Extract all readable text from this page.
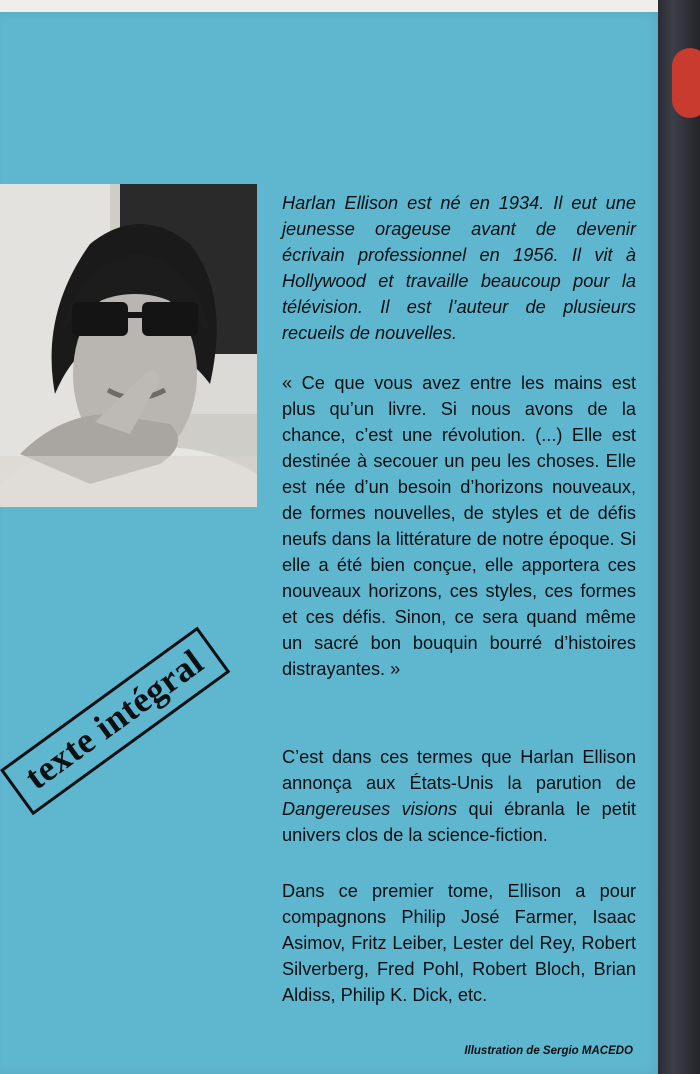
Harlan Ellison est né en 1934. Il eut une jeunesse orageuse avant de devenir écrivain professionnel en 1956. Il vit à Hollywood et travaille beaucoup pour la télévision. Il est l’auteur de plusieurs recueils de nouvelles.

« Ce que vous avez entre les mains est plus qu’un livre. Si nous avons de la chance, c’est une révolution. (...) Elle est destinée à secouer un peu les choses. Elle est née d’un besoin d’horizons nouveaux, de formes nouvelles, de styles et de défis neufs dans la littérature de notre époque. Si elle a été bien conçue, elle apportera ces nouveaux horizons, ces styles, ces formes et ces défis. Sinon, ce sera quand même un sacré bon bouquin bourré d’histoires distrayantes. »

C’est dans ces termes que Harlan Ellison annonça aux États-Unis la parution de Dangereuses visions qui ébranla le petit univers clos de la science-fiction.

Dans ce premier tome, Ellison a pour compagnons Philip José Farmer, Isaac Asimov, Fritz Leiber, Lester del Rey, Robert Silverberg, Fred Pohl, Robert Bloch, Brian Aldiss, Philip K. Dick, etc.

texte intégral
Illustration de Sergio MACEDO
